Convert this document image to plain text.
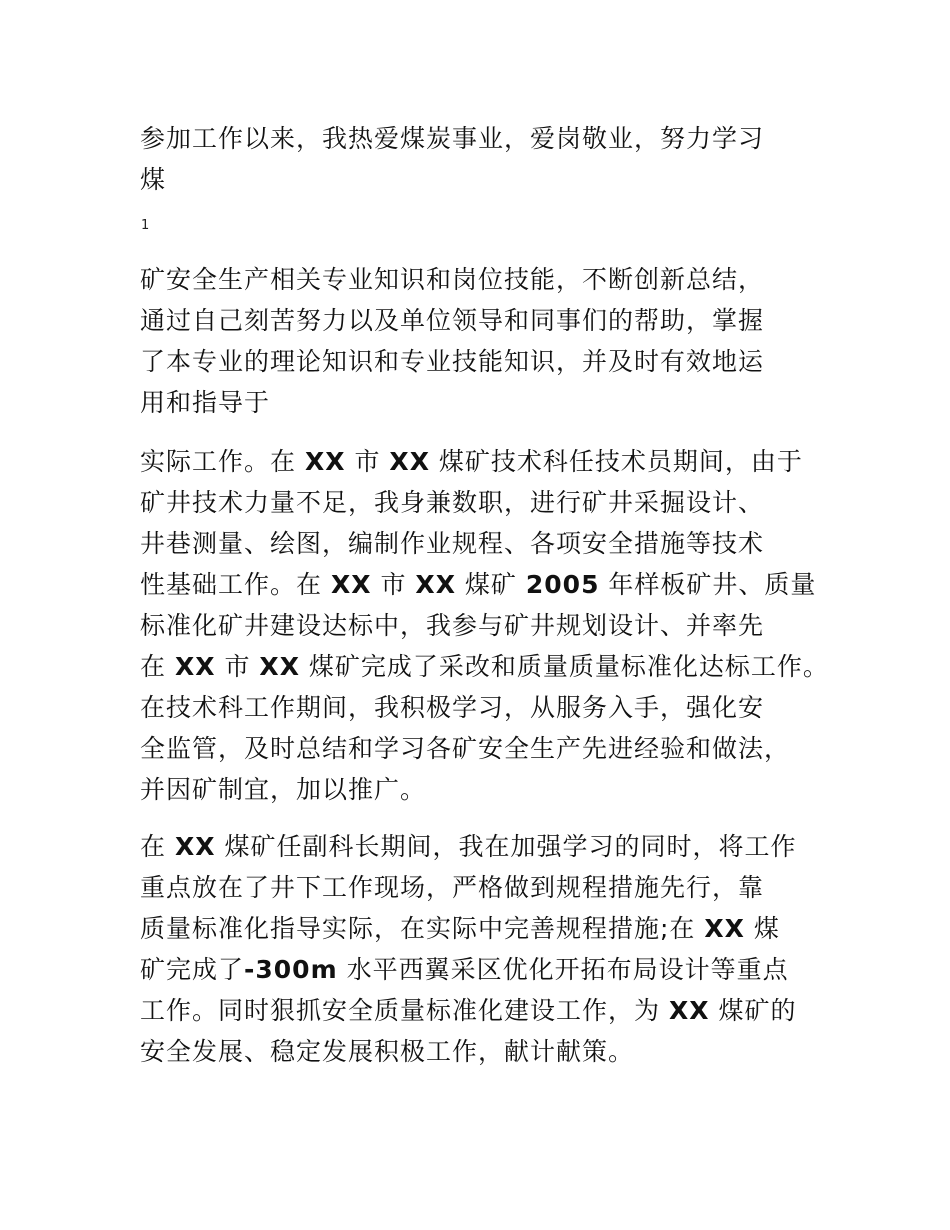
参加工作以来，我热爱煤炭事业，爱岗敬业，努力学习
煤
1
矿安全生产相关专业知识和岗位技能，不断创新总结，
通过自己刻苦努力以及单位领导和同事们的帮助，掌握
了本专业的理论知识和专业技能知识，并及时有效地运
用和指导于
实际工作。在 XX 市 XX 煤矿技术科任技术员期间，由于
矿井技术力量不足，我身兼数职，进行矿井采掘设计、
井巷测量、绘图，编制作业规程、各项安全措施等技术
性基础工作。在 XX 市 XX 煤矿 2005 年样板矿井、质量
标准化矿井建设达标中，我参与矿井规划设计、并率先
在 XX 市 XX 煤矿完成了采改和质量质量标准化达标工作。
在技术科工作期间，我积极学习，从服务入手，强化安
全监管，及时总结和学习各矿安全生产先进经验和做法，
并因矿制宜，加以推广。
在 XX 煤矿任副科长期间，我在加强学习的同时，将工作
重点放在了井下工作现场，严格做到规程措施先行，靠
质量标准化指导实际，在实际中完善规程措施;在 XX 煤
矿完成了-300m 水平西翼采区优化开拓布局设计等重点
工作。同时狠抓安全质量标准化建设工作，为 XX 煤矿的
安全发展、稳定发展积极工作，献计献策。
